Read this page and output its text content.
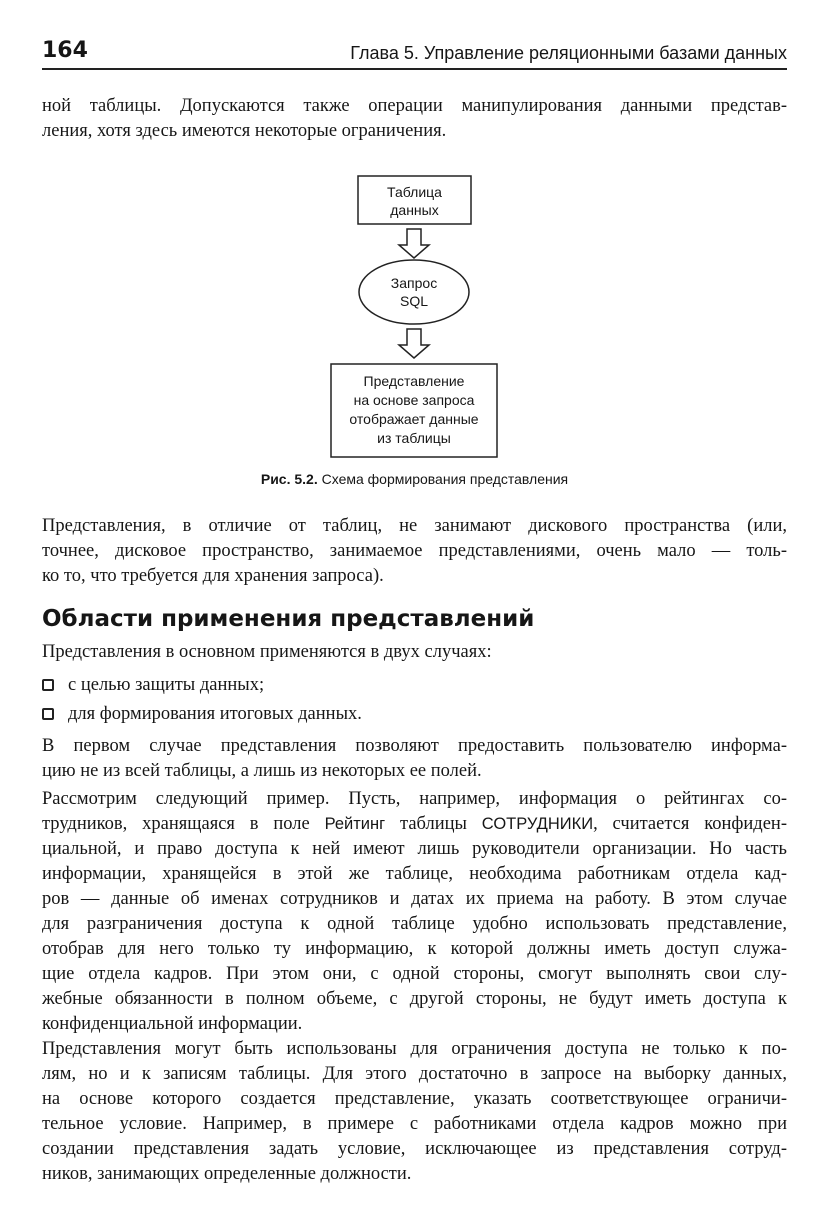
164	Глава 5. Управление реляционными базами данных

ной таблицы. Допускаются также операции манипулирования данными представ-
ления, хотя здесь имеются некоторые ограничения.

Таблица
данных
Запрос
SQL
Представление
на основе запроса
отображает данные
из таблицы
Рис. 5.2. Схема формирования представления

Представления, в отличие от таблиц, не занимают дискового пространства (или,
точнее, дисковое пространство, занимаемое представлениями, очень мало — толь-
ко то, что требуется для хранения запроса).

Области применения представлений

Представления в основном применяются в двух случаях:

с целью защиты данных;
для формирования итоговых данных.

В первом случае представления позволяют предоставить пользователю информа-
цию не из всей таблицы, а лишь из некоторых ее полей.

Рассмотрим следующий пример. Пусть, например, информация о рейтингах со-
трудников, хранящаяся в поле Рейтинг таблицы СОТРУДНИКИ, считается конфиден-
циальной, и право доступа к ней имеют лишь руководители организации. Но часть
информации, хранящейся в этой же таблице, необходима работникам отдела кад-
ров — данные об именах сотрудников и датах их приема на работу. В этом случае
для разграничения доступа к одной таблице удобно использовать представление,
отобрав для него только ту информацию, к которой должны иметь доступ служа-
щие отдела кадров. При этом они, с одной стороны, смогут выполнять свои слу-
жебные обязанности в полном объеме, с другой стороны, не будут иметь доступа к
конфиденциальной информации.

Представления могут быть использованы для ограничения доступа не только к по-
лям, но и к записям таблицы. Для этого достаточно в запросе на выборку данных,
на основе которого создается представление, указать соответствующее ограничи-
тельное условие. Например, в примере с работниками отдела кадров можно при
создании представления задать условие, исключающее из представления сотруд-
ников, занимающих определенные должности.
